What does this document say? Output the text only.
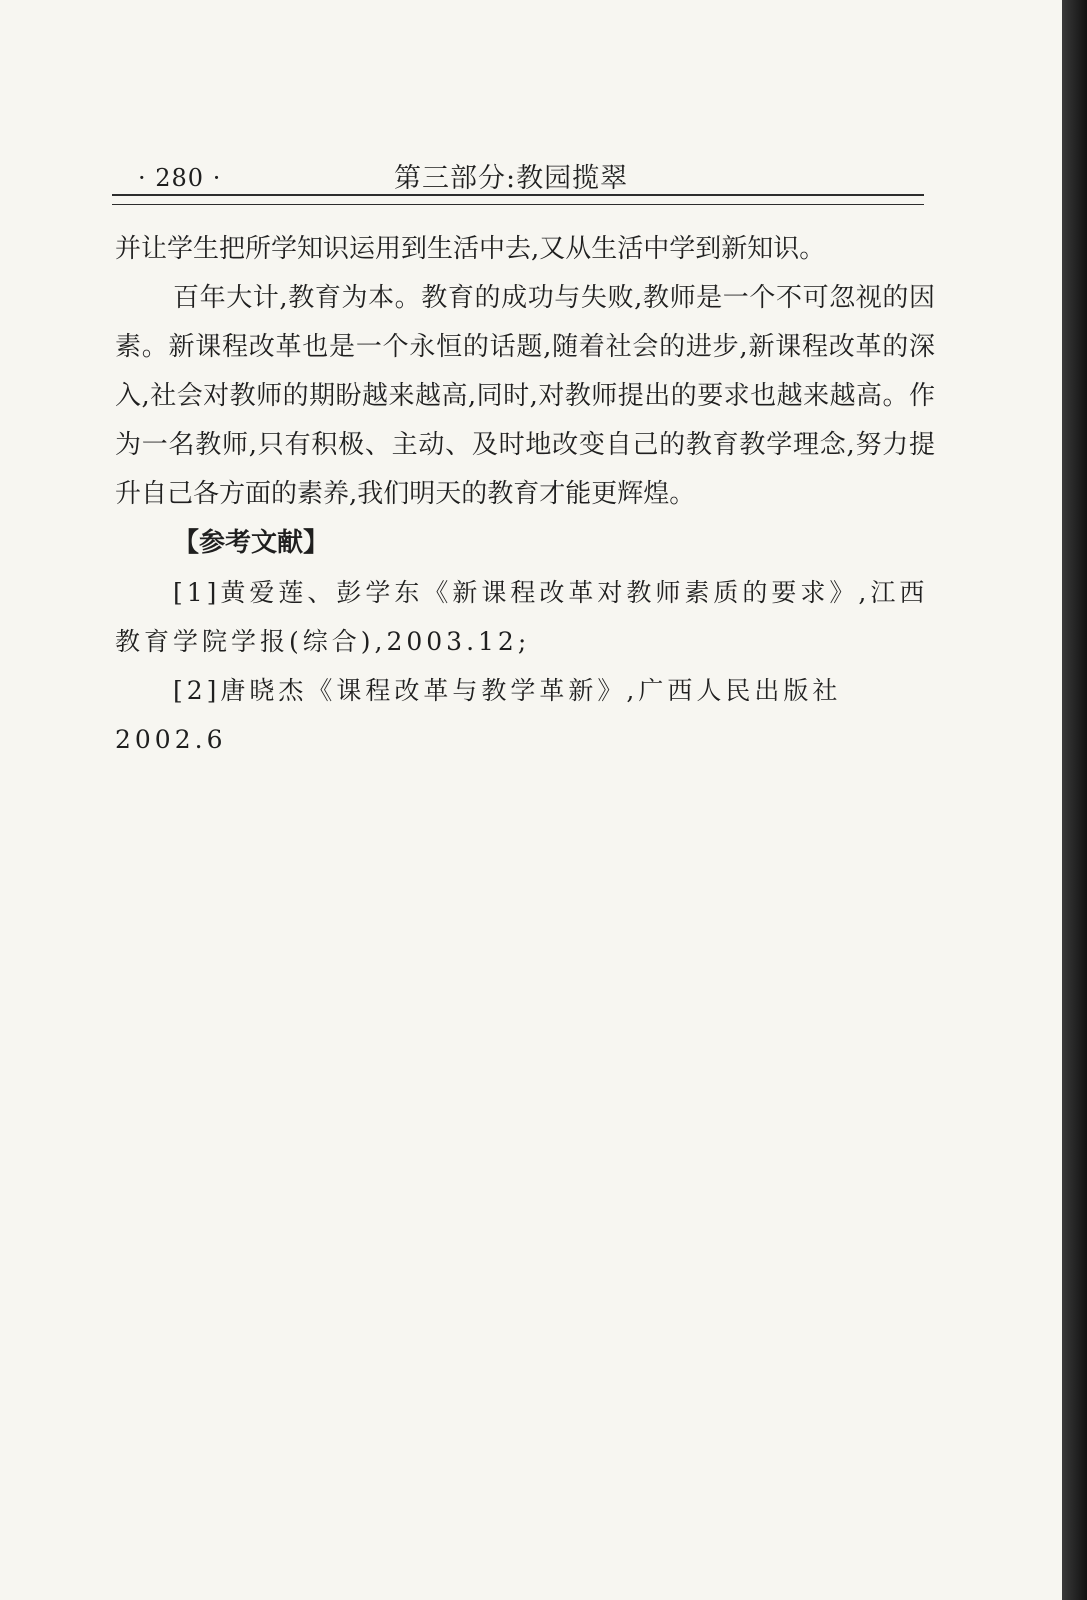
· 280 ·	第三部分:教园揽翠

并让学生把所学知识运用到生活中去,又从生活中学到新知识。

百年大计,教育为本。教育的成功与失败,教师是一个不可忽视的因素。新课程改革也是一个永恒的话题,随着社会的进步,新课程改革的深入,社会对教师的期盼越来越高,同时,对教师提出的要求也越来越高。作为一名教师,只有积极、主动、及时地改变自己的教育教学理念,努力提升自己各方面的素养,我们明天的教育才能更辉煌。

【参考文献】

[1]黄爱莲、彭学东《新课程改革对教师素质的要求》,江西教育学院学报(综合),2003.12;

[2]唐晓杰《课程改革与教学革新》,广西人民出版社 2002.6
